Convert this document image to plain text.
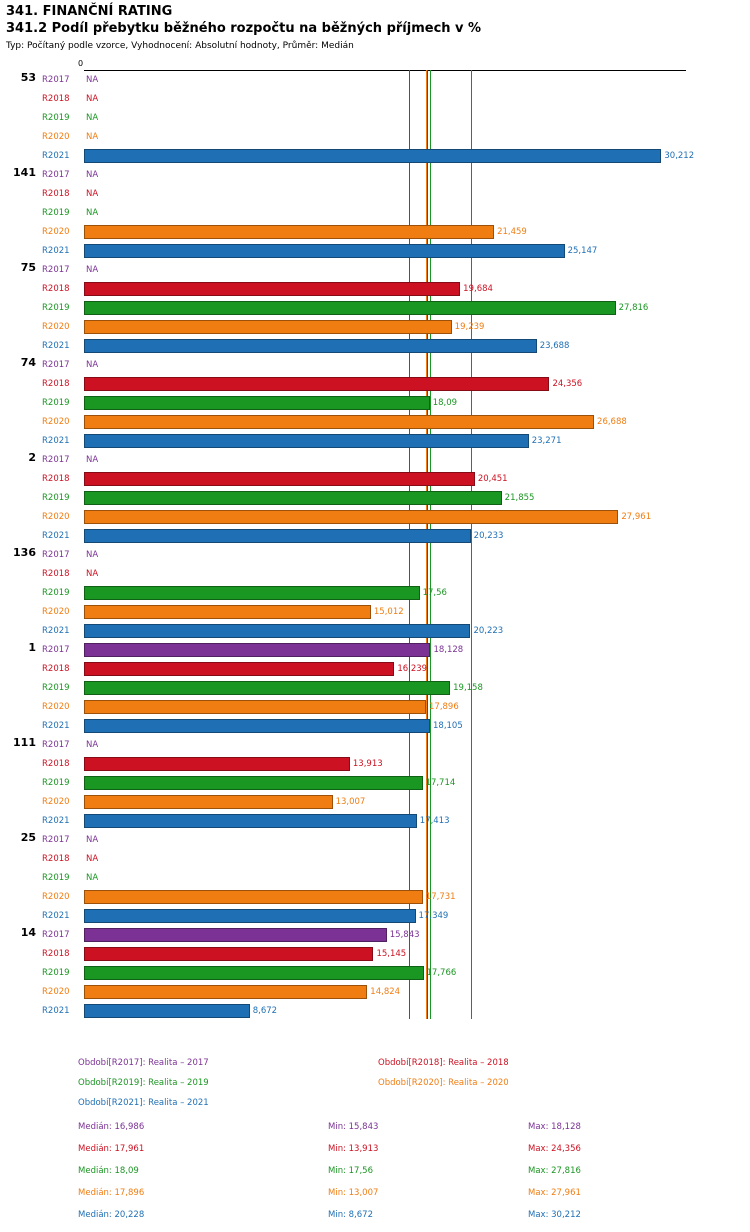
341. FINANČNÍ RATING
341.2 Podíl přebytku běžného rozpočtu na běžných příjmech v %
Typ: Počítaný podle vzorce, Vyhodnocení: Absolutní hodnoty, Průměr: Medián
0
53 R2017	NA
R2018	NA
R2019	NA
R2020	NA
R2021	30,212
141 R2017	NA
R2018	NA
R2019	NA
R2020	21,459
R2021	25,147
75 R2017	NA
R2018	19,684
R2019	27,816
R2020	19,239
R2021	23,688
74 R2017	NA
R2018	24,356
R2019	18,09
R2020	26,688
R2021	23,271
2 R2017	NA
R2018	20,451
R2019	21,855
R2020	27,961
R2021	20,233
136 R2017	NA
R2018	NA
R2019	17,56
R2020	15,012
R2021	20,223
1 R2017	18,128
R2018	16,239
R2019	19,158
R2020	17,896
R2021	18,105
111 R2017	NA
R2018	13,913
R2019	17,714
R2020	13,007
R2021	17,413
25 R2017	NA
R2018	NA
R2019	NA
R2020	17,731
R2021	17,349
14 R2017	15,843
R2018	15,145
R2019	17,766
R2020	14,824
R2021	8,672
Období[R2017]: Realita – 2017	Období[R2018]: Realita – 2018
Období[R2019]: Realita – 2019	Období[R2020]: Realita – 2020
Období[R2021]: Realita – 2021
Medián: 16,986	Min: 15,843	Max: 18,128
Medián: 17,961	Min: 13,913	Max: 24,356
Medián: 18,09	Min: 17,56	Max: 27,816
Medián: 17,896	Min: 13,007	Max: 27,961
Medián: 20,228	Min: 8,672	Max: 30,212
